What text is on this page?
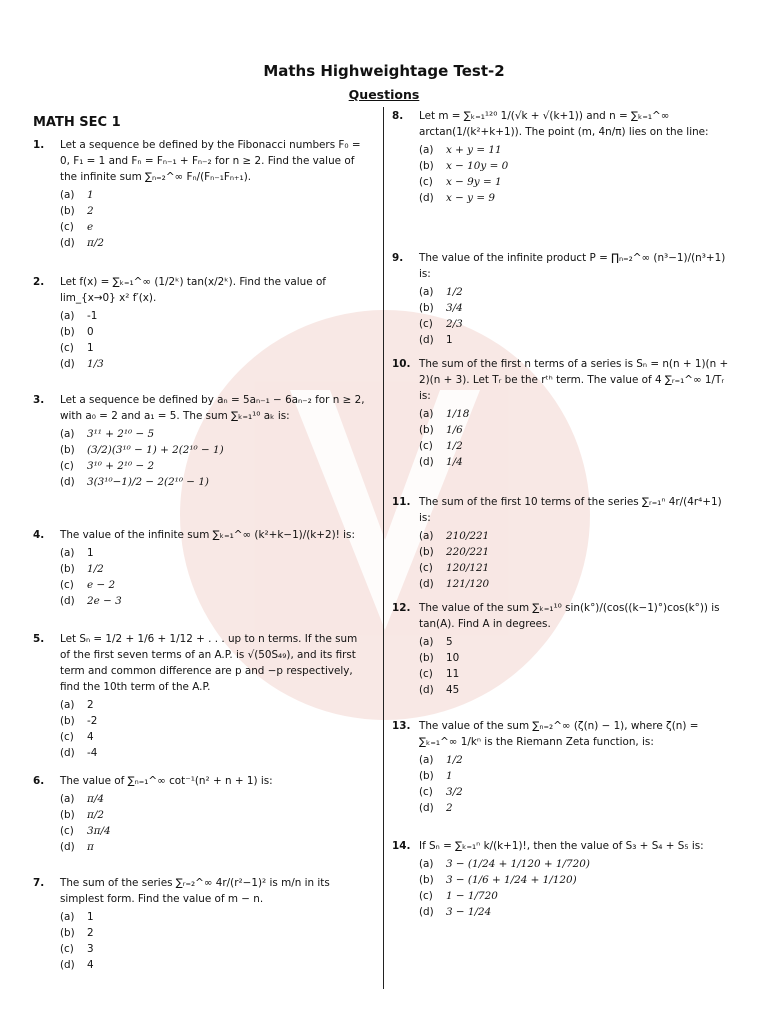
Maths Highweightage Test-2
Questions
MATH SEC 1
1. Let a sequence be defined by the Fibonacci numbers F₀ = 0, F₁ = 1 and Fₙ = Fₙ₋₁ + Fₙ₋₂ for n ≥ 2. Find the value of the infinite sum ∑ₙ₌₂^∞ Fₙ/(Fₙ₋₁Fₙ₊₁).
(a)	1
(b)	2
(c)	e
(d)	π/2
2. Let f(x) = ∑ₖ₌₁^∞ (1/2ᵏ) tan(x/2ᵏ). Find the value of lim_{x→0} x² f′(x).
(a)	-1
(b)	0
(c)	1
(d)	1/3
3. Let a sequence be defined by aₙ = 5aₙ₋₁ − 6aₙ₋₂ for n ≥ 2, with a₀ = 2 and a₁ = 5. The sum ∑ₖ₌₁¹⁰ aₖ is:
(a)	3¹¹ + 2¹⁰ − 5
(b)	(3/2)(3¹⁰ − 1) + 2(2¹⁰ − 1)
(c)	3¹⁰ + 2¹⁰ − 2
(d)	3(3¹⁰−1)/2 − 2(2¹⁰ − 1)
4. The value of the infinite sum ∑ₖ₌₁^∞ (k²+k−1)/(k+2)! is:
(a)	1
(b)	1/2
(c)	e − 2
(d)	2e − 3
5. Let Sₙ = 1/2 + 1/6 + 1/12 + . . . up to n terms. If the sum of the first seven terms of an A.P. is √(50S₄₉), and its first term and common difference are p and −p respectively, find the 10th term of the A.P.
(a)	2
(b)	-2
(c)	4
(d)	-4
6. The value of ∑ₙ₌₁^∞ cot⁻¹(n² + n + 1) is:
(a)	π/4
(b)	π/2
(c)	3π/4
(d)	π
7. The sum of the series ∑ᵣ₌₂^∞ 4r/(r²−1)² is m/n in its simplest form. Find the value of m − n.
(a)	1
(b)	2
(c)	3
(d)	4
8. Let m = ∑ₖ₌₁¹²⁰ 1/(√k + √(k+1)) and n = ∑ₖ₌₁^∞ arctan(1/(k²+k+1)). The point (m, 4n/π) lies on the line:
(a)	x + y = 11
(b)	x − 10y = 0
(c)	x − 9y = 1
(d)	x − y = 9
9. The value of the infinite product P = ∏ₙ₌₂^∞ (n³−1)/(n³+1) is:
(a)	1/2
(b)	3/4
(c)	2/3
(d)	1
10. The sum of the first n terms of a series is Sₙ = n(n + 1)(n + 2)(n + 3). Let Tᵣ be the rᵗʰ term. The value of 4 ∑ᵣ₌₁^∞ 1/Tᵣ is:
(a)	1/18
(b)	1/6
(c)	1/2
(d)	1/4
11. The sum of the first 10 terms of the series ∑ᵣ₌₁ⁿ 4r/(4r⁴+1) is:
(a)	210/221
(b)	220/221
(c)	120/121
(d)	121/120
12. The value of the sum ∑ₖ₌₁¹⁰ sin(k°)/(cos((k−1)°)cos(k°)) is tan(A). Find A in degrees.
(a)	5
(b)	10
(c)	11
(d)	45
13. The value of the sum ∑ₙ₌₂^∞ (ζ(n) − 1), where ζ(n) = ∑ₖ₌₁^∞ 1/kⁿ is the Riemann Zeta function, is:
(a)	1/2
(b)	1
(c)	3/2
(d)	2
14. If Sₙ = ∑ₖ₌₁ⁿ k/(k+1)!, then the value of S₃ + S₄ + S₅ is:
(a)	3 − (1/24 + 1/120 + 1/720)
(b)	3 − (1/6 + 1/24 + 1/120)
(c)	1 − 1/720
(d)	3 − 1/24
